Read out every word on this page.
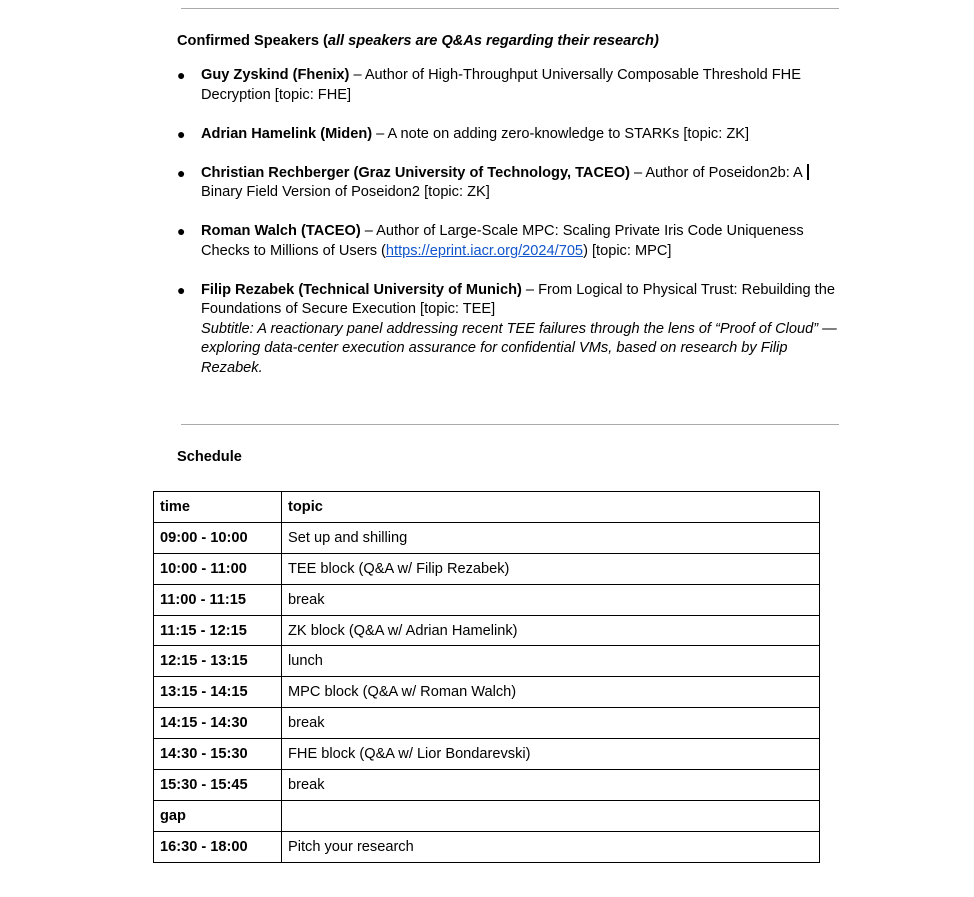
Confirmed Speakers (all speakers are Q&As regarding their research)
● Guy Zyskind (Fhenix) – Author of High-Throughput Universally Composable Threshold FHE Decryption [topic: FHE]
● Adrian Hamelink (Miden) – A note on adding zero-knowledge to STARKs [topic: ZK]
● Christian Rechberger (Graz University of Technology, TACEO) – Author of Poseidon2b: A
Binary Field Version of Poseidon2 [topic: ZK]
● Roman Walch (TACEO) – Author of Large-Scale MPC: Scaling Private Iris Code Uniqueness Checks to Millions of Users (https://eprint.iacr.org/2024/705) [topic: MPC]
● Filip Rezabek (Technical University of Munich) – From Logical to Physical Trust: Rebuilding the Foundations of Secure Execution [topic: TEE]
Subtitle: A reactionary panel addressing recent TEE failures through the lens of “Proof of Cloud” — exploring data-center execution assurance for confidential VMs, based on research by Filip Rezabek.
Schedule
time	topic
09:00 - 10:00	Set up and shilling
10:00 - 11:00	TEE block (Q&A w/ Filip Rezabek)
11:00 - 11:15	break
11:15 - 12:15	ZK block (Q&A w/ Adrian Hamelink)
12:15 - 13:15	lunch
13:15 - 14:15	MPC block (Q&A w/ Roman Walch)
14:15 - 14:30	break
14:30 - 15:30	FHE block (Q&A w/ Lior Bondarevski)
15:30 - 15:45	break
gap	
16:30 - 18:00	Pitch your research
